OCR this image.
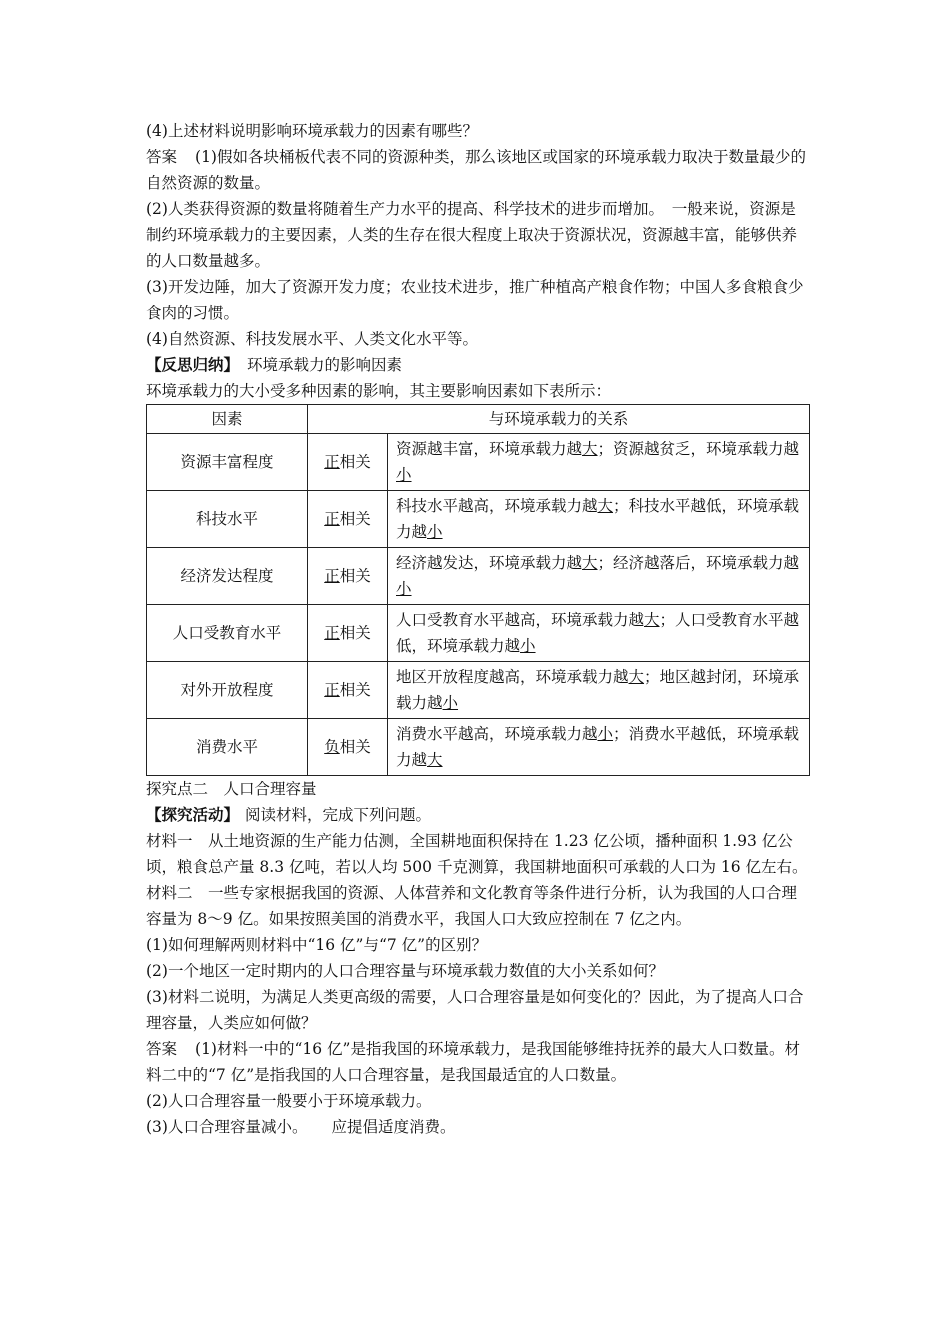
(4)上述材料说明影响环境承载力的因素有哪些？

答案 (1)假如各块桶板代表不同的资源种类，那么该地区或国家的环境承载力取决于数量最少的自然资源的数量。

(2)人类获得资源的数量将随着生产力水平的提高、科学技术的进步而增加。　一般来说，资源是制约环境承载力的主要因素，人类的生存在很大程度上取决于资源状况，资源越丰富，能够供养的人口数量越多。

(3)开发边陲，加大了资源开发力度；农业技术进步，推广种植高产粮食作物；中国人多食粮食少食肉的习惯。

(4)自然资源、科技发展水平、人类文化水平等。

【反思归纳】 环境承载力的影响因素

环境承载力的大小受多种因素的影响，其主要影响因素如下表所示：

因素	与环境承载力的关系	
资源丰富程度	正相关	资源越丰富，环境承载力越大；资源越贫乏，环境承载力越小
科技水平	正相关	科技水平越高，环境承载力越大；科技水平越低，环境承载力越小
经济发达程度	正相关	经济越发达，环境承载力越大；经济越落后，环境承载力越小
人口受教育水平	正相关	人口受教育水平越高，环境承载力越大；人口受教育水平越低，环境承载力越小
对外开放程度	正相关	地区开放程度越高，环境承载力越大；地区越封闭，环境承载力越小
消费水平	负相关	消费水平越高，环境承载力越小；消费水平越低，环境承载力越大

探究点二　人口合理容量

【探究活动】 阅读材料，完成下列问题。

材料一　从土地资源的生产能力估测，全国耕地面积保持在 1.23 亿公顷，播种面积 1.93 亿公顷，粮食总产量 8.3 亿吨，若以人均 500 千克测算，我国耕地面积可承载的人口为 16 亿左右。

材料二　一些专家根据我国的资源、人体营养和文化教育等条件进行分析，认为我国的人口合理容量为 8～9 亿。如果按照美国的消费水平，我国人口大致应控制在 7 亿之内。

(1)如何理解两则材料中“16 亿”与“7 亿”的区别？

(2)一个地区一定时期内的人口合理容量与环境承载力数值的大小关系如何？

(3)材料二说明，为满足人类更高级的需要，人口合理容量是如何变化的？因此，为了提高人口合理容量，人类应如何做？

答案 (1)材料一中的“16 亿”是指我国的环境承载力，是我国能够维持抚养的最大人口数量。材料二中的“7 亿”是指我国的人口合理容量，是我国最适宜的人口数量。

(2)人口合理容量一般要小于环境承载力。

(3)人口合理容量减小。 应提倡适度消费。
